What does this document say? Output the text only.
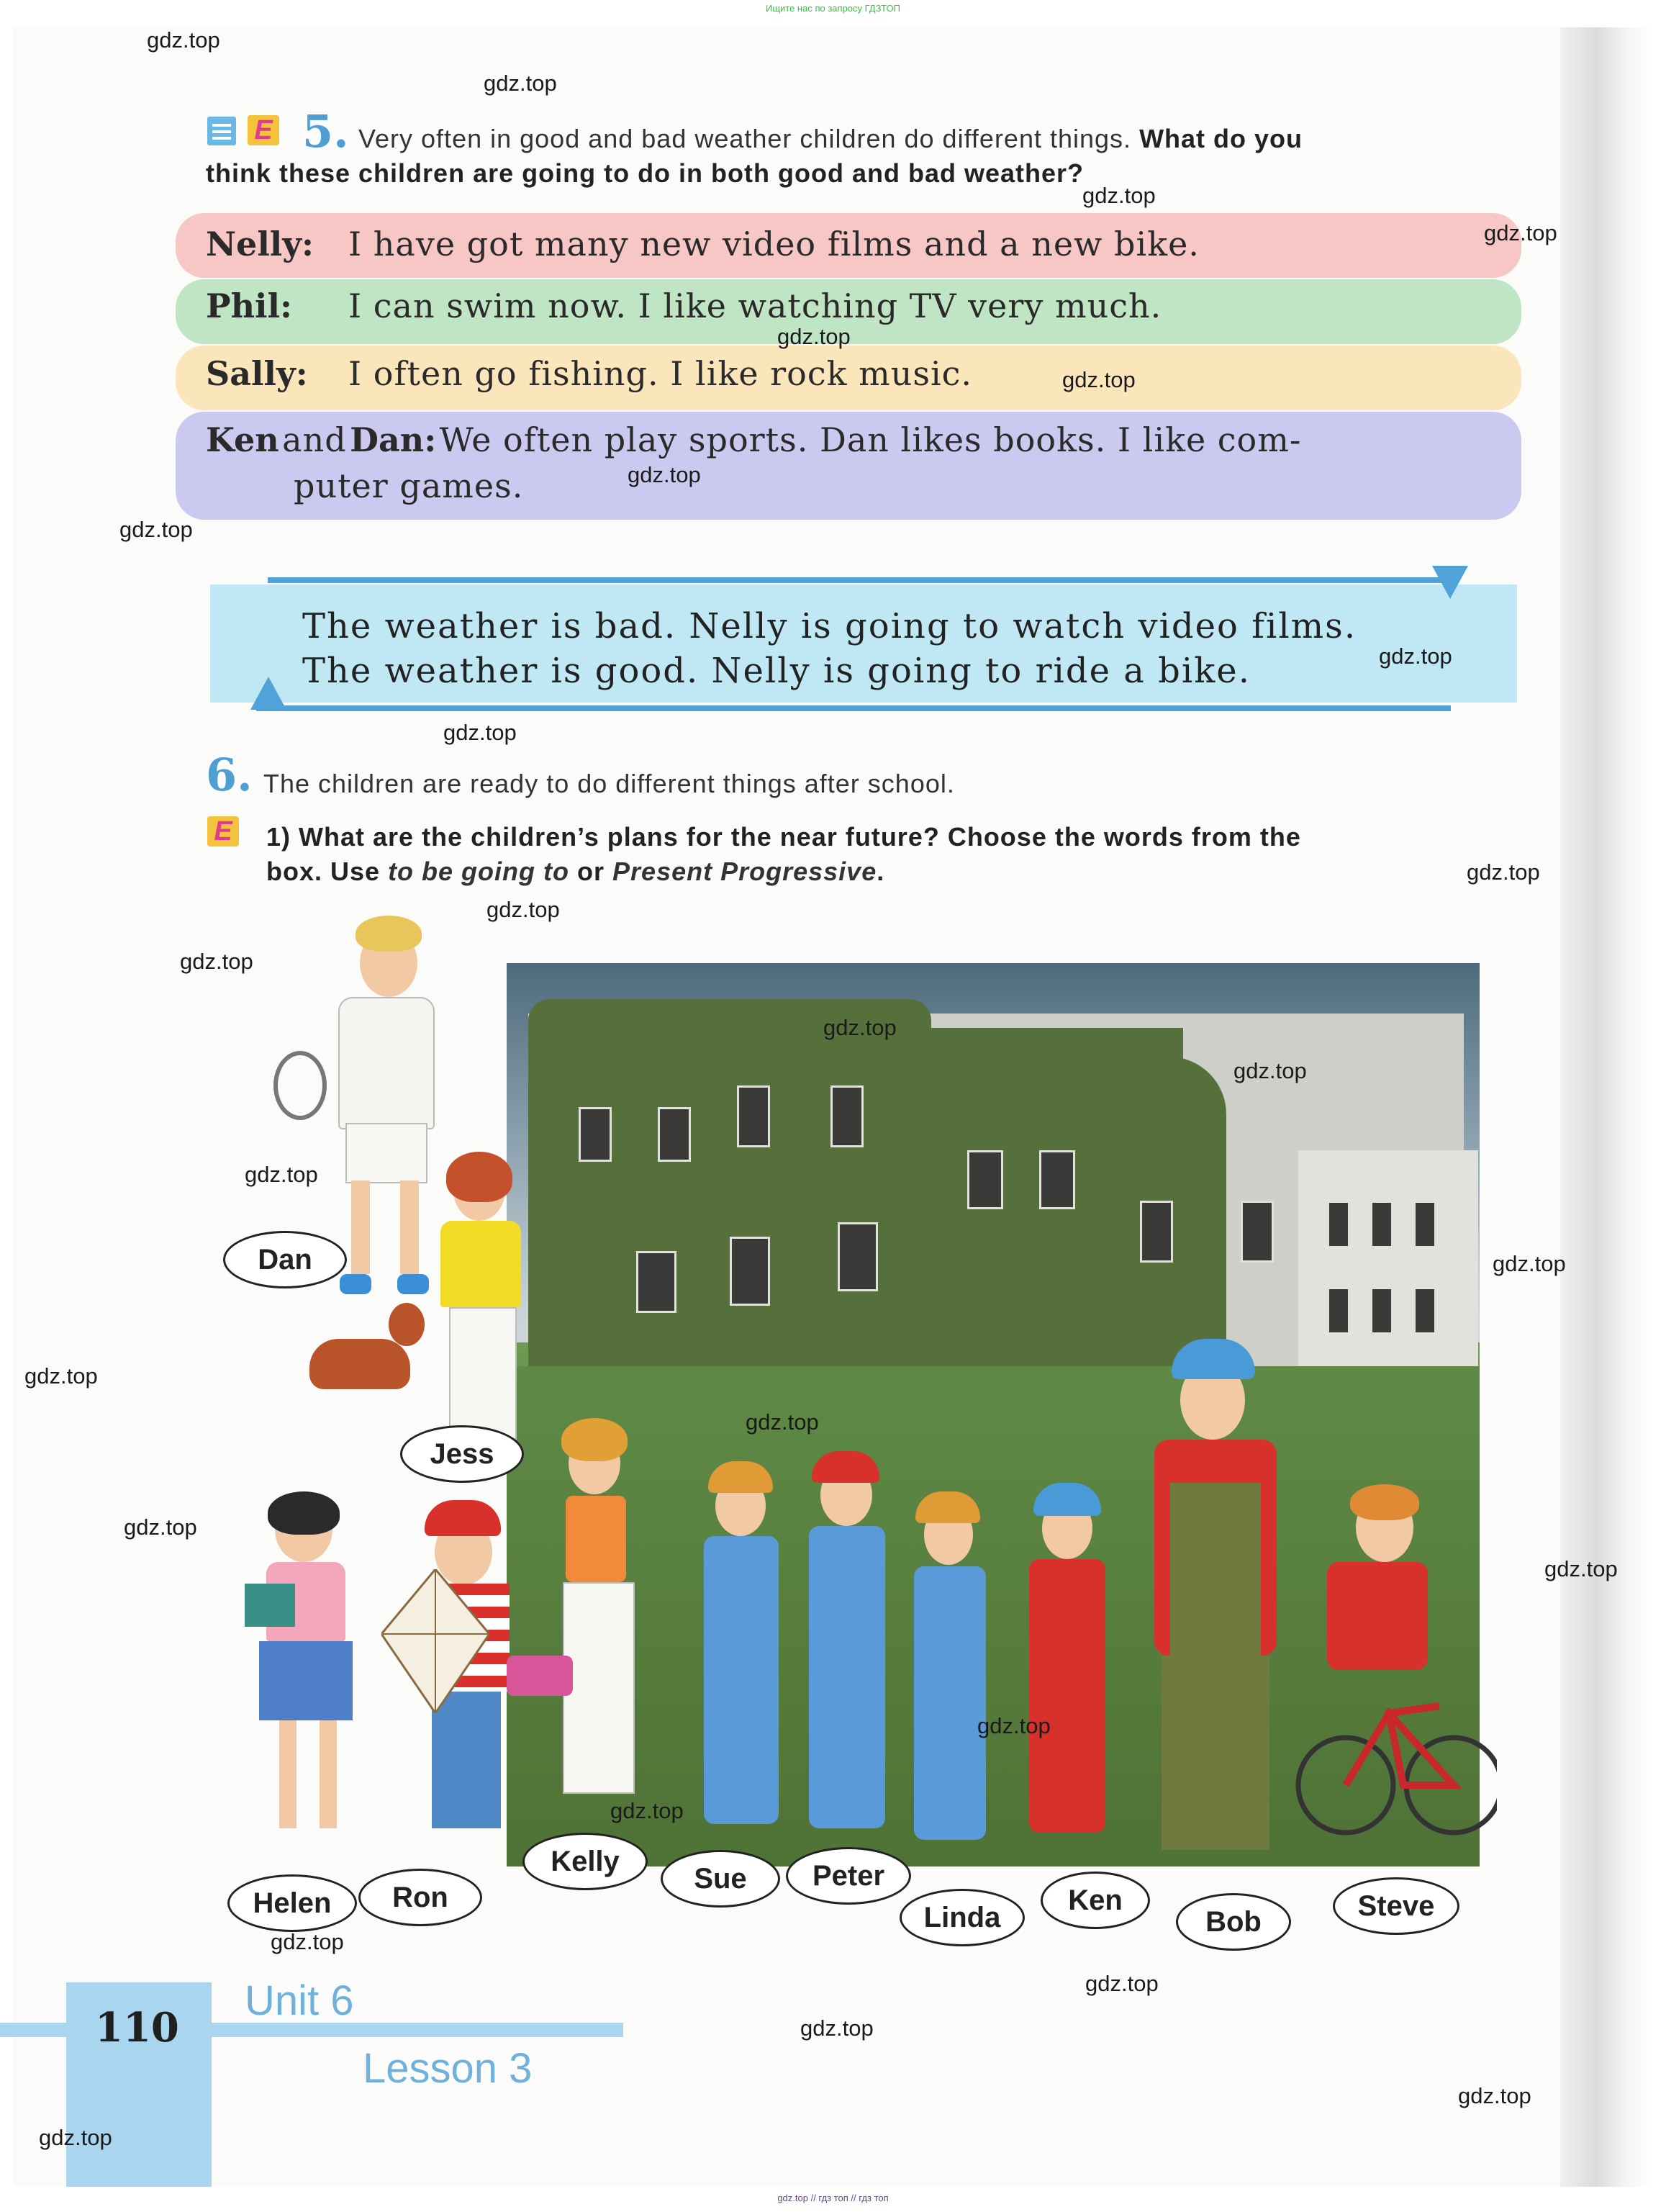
Ищите нас по запросу ГДЗТОП
E 5. Very often in good and bad weather children do different things. What do you
think these children are going to do in both good and bad weather?
Nelly: I have got many new video films and a new bike.
Phil: I can swim now. I like watching TV very much.
Sally: I often go fishing. I like rock music.
Ken and Dan: We often play sports. Dan likes books. I like com-
puter games.
The weather is bad. Nelly is going to watch video films.
The weather is good. Nelly is going to ride a bike.
6. The children are ready to do different things after school.
E 1) What are the children’s plans for the near future? Choose the words from the
box. Use to be going to or Present Progressive.
Dan
Jess
Helen	Ron
Kelly
Sue	Peter
Linda
Ken
Bob	Steve
110
Unit 6
Lesson 3
gdz.top // гдз топ // гдз топ
gdz.top
gdz.top
gdz.top
gdz.top
gdz.top
gdz.top
gdz.top
gdz.top
gdz.top
gdz.top
gdz.top
gdz.top
gdz.top
gdz.top
gdz.top
gdz.top
gdz.top
gdz.top
gdz.top
gdz.top
gdz.top
gdz.top
gdz.top
gdz.top
gdz.top
gdz.top
gdz.top
gdz.top
